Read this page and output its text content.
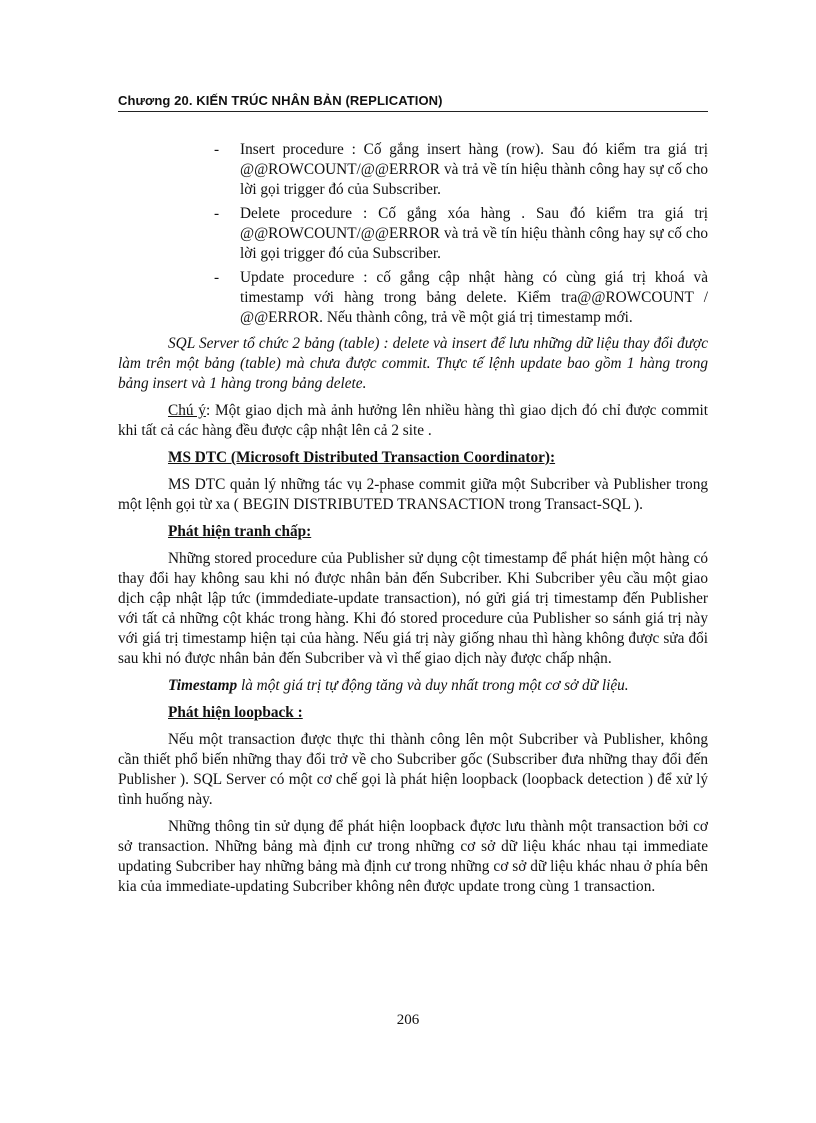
Chương 20. KIẾN TRÚC NHÂN BẢN (REPLICATION)
- Insert procedure : Cố gắng insert hàng (row). Sau đó kiểm tra giá trị @@ROWCOUNT/@@ERROR và trả về tín hiệu thành công hay sự cố cho lời gọi trigger đó của Subscriber.
- Delete procedure : Cố gắng xóa hàng . Sau đó kiểm tra giá trị @@ROWCOUNT/@@ERROR và trả về tín hiệu thành công hay sự cố cho lời gọi trigger đó của Subscriber.
- Update procedure : cố gắng cập nhật hàng có cùng giá trị khoá và timestamp với hàng trong bảng delete. Kiểm tra@@ROWCOUNT / @@ERROR. Nếu thành công, trả về một giá trị timestamp mới.

SQL Server tổ chức 2 bảng (table) : delete và insert để lưu những dữ liệu thay đổi được làm trên một bảng (table) mà chưa được commit. Thực tế lệnh update bao gồm 1 hàng trong bảng insert và 1 hàng trong bảng delete.

Chú ý: Một giao dịch mà ảnh hưởng lên nhiều hàng thì giao dịch đó chỉ được commit khi tất cả các hàng đều được cập nhật lên cả 2 site .

MS DTC (Microsoft Distributed Transaction Coordinator):

MS DTC quản lý những tác vụ 2-phase commit giữa một Subcriber và Publisher trong một lệnh gọi từ xa ( BEGIN DISTRIBUTED TRANSACTION trong Transact-SQL ).

Phát hiện tranh chấp:

Những stored procedure của Publisher sử dụng cột timestamp để phát hiện một hàng có thay đổi hay không sau khi nó được nhân bản đến Subcriber. Khi Subcriber yêu cầu một giao dịch cập nhật lập tức (immdediate-update transaction), nó gửi giá trị timestamp đến Publisher với tất cả những cột khác trong hàng. Khi đó stored procedure của Publisher so sánh giá trị này với giá trị timestamp hiện tại của hàng. Nếu giá trị này giống nhau thì hàng không được sửa đổi sau khi nó được nhân bản đến Subcriber và vì thế giao dịch này được chấp nhận.

Timestamp là một giá trị tự động tăng và duy nhất trong một cơ sở dữ liệu.

Phát hiện loopback :

Nếu một transaction được thực thi thành công lên một Subcriber và Publisher, không cần thiết phổ biến những thay đổi trở về cho Subcriber gốc (Subscriber đưa những thay đổi đến Publisher ). SQL Server có một cơ chế gọi là phát hiện loopback (loopback detection ) để xử lý tình huống này.

Những thông tin sử dụng để phát hiện loopback đựơc lưu thành một transaction bởi cơ sở transaction. Những bảng mà định cư trong những cơ sở dữ liệu khác nhau tại immediate updating Subcriber hay những bảng mà định cư trong những cơ sở dữ liệu khác nhau ở phía bên kia của immediate-updating Subcriber không nên được update trong cùng 1 transaction.

206
